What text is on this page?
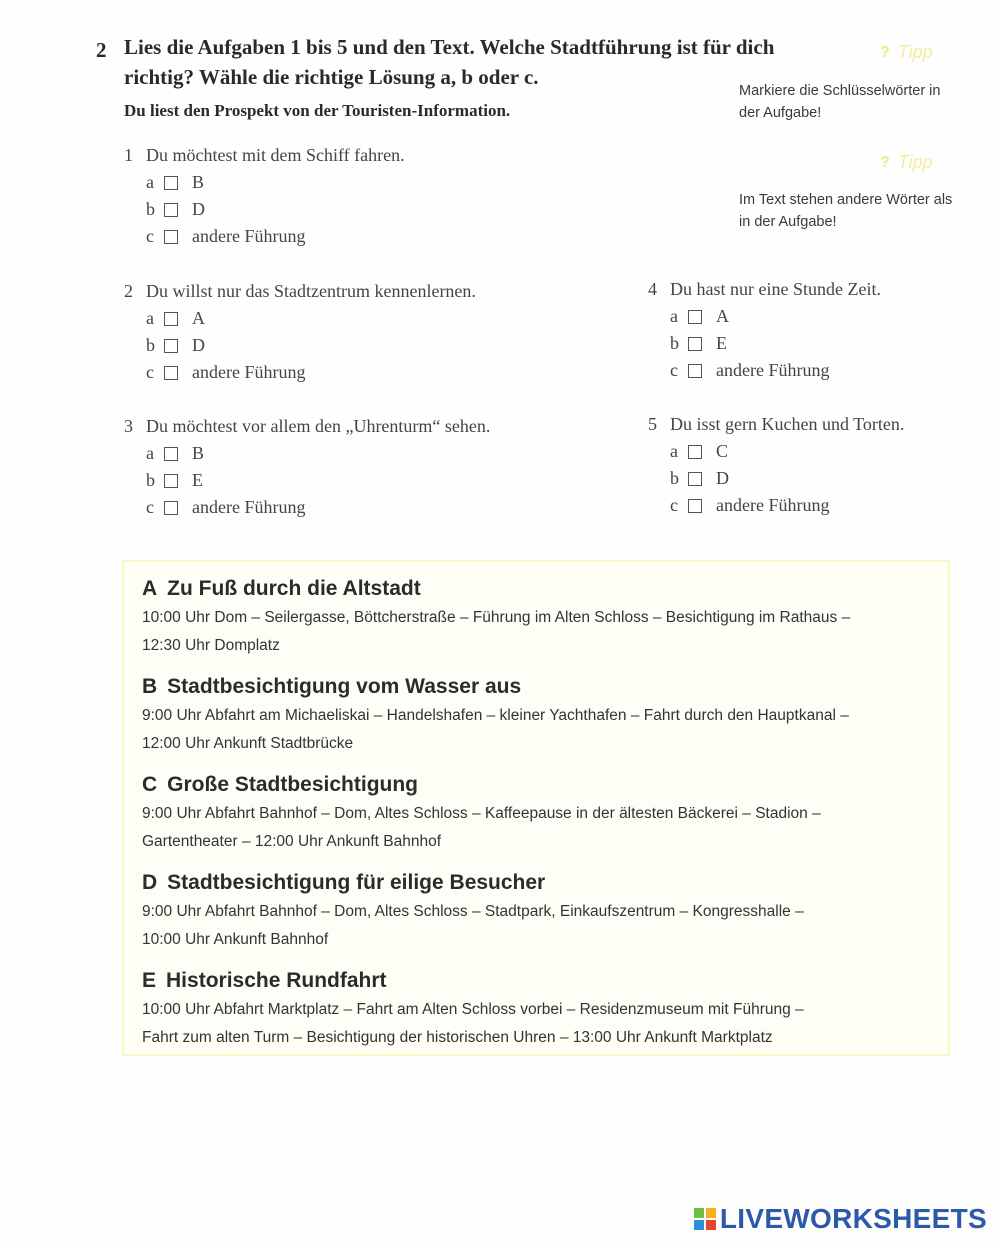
2 Lies die Aufgaben 1 bis 5 und den Text. Welche Stadtführung ist für dich richtig? Wähle die richtige Lösung a, b oder c.
Du liest den Prospekt von der Touristen-Information.
? Tipp
Markiere die Schlüsselwörter in der Aufgabe!
? Tipp
Im Text stehen andere Wörter als in der Aufgabe!
1 Du möchtest mit dem Schiff fahren.
a	B
b	D
c	andere Führung
2 Du willst nur das Stadtzentrum kennenlernen.
a	A
b	D
c	andere Führung
3 Du möchtest vor allem den „Uhrenturm“ sehen.
a	B
b	E
c	andere Führung
4 Du hast nur eine Stunde Zeit.
a	A
b	E
c	andere Führung
5 Du isst gern Kuchen und Torten.
a	C
b	D
c	andere Führung
A Zu Fuß durch die Altstadt
10:00 Uhr Dom – Seilergasse, Böttcherstraße – Führung im Alten Schloss – Besichtigung im Rathaus –
12:30 Uhr Domplatz
B Stadtbesichtigung vom Wasser aus
9:00 Uhr Abfahrt am Michaeliskai – Handelshafen – kleiner Yachthafen – Fahrt durch den Hauptkanal –
12:00 Uhr Ankunft Stadtbrücke
C Große Stadtbesichtigung
9:00 Uhr Abfahrt Bahnhof – Dom, Altes Schloss – Kaffeepause in der ältesten Bäckerei – Stadion –
Gartentheater – 12:00 Uhr Ankunft Bahnhof
D Stadtbesichtigung für eilige Besucher
9:00 Uhr Abfahrt Bahnhof – Dom, Altes Schloss – Stadtpark, Einkaufszentrum – Kongresshalle –
10:00 Uhr Ankunft Bahnhof
E Historische Rundfahrt
10:00 Uhr Abfahrt Marktplatz – Fahrt am Alten Schloss vorbei – Residenzmuseum mit Führung –
Fahrt zum alten Turm – Besichtigung der historischen Uhren – 13:00 Uhr Ankunft Marktplatz
LIVEWORKSHEETS
